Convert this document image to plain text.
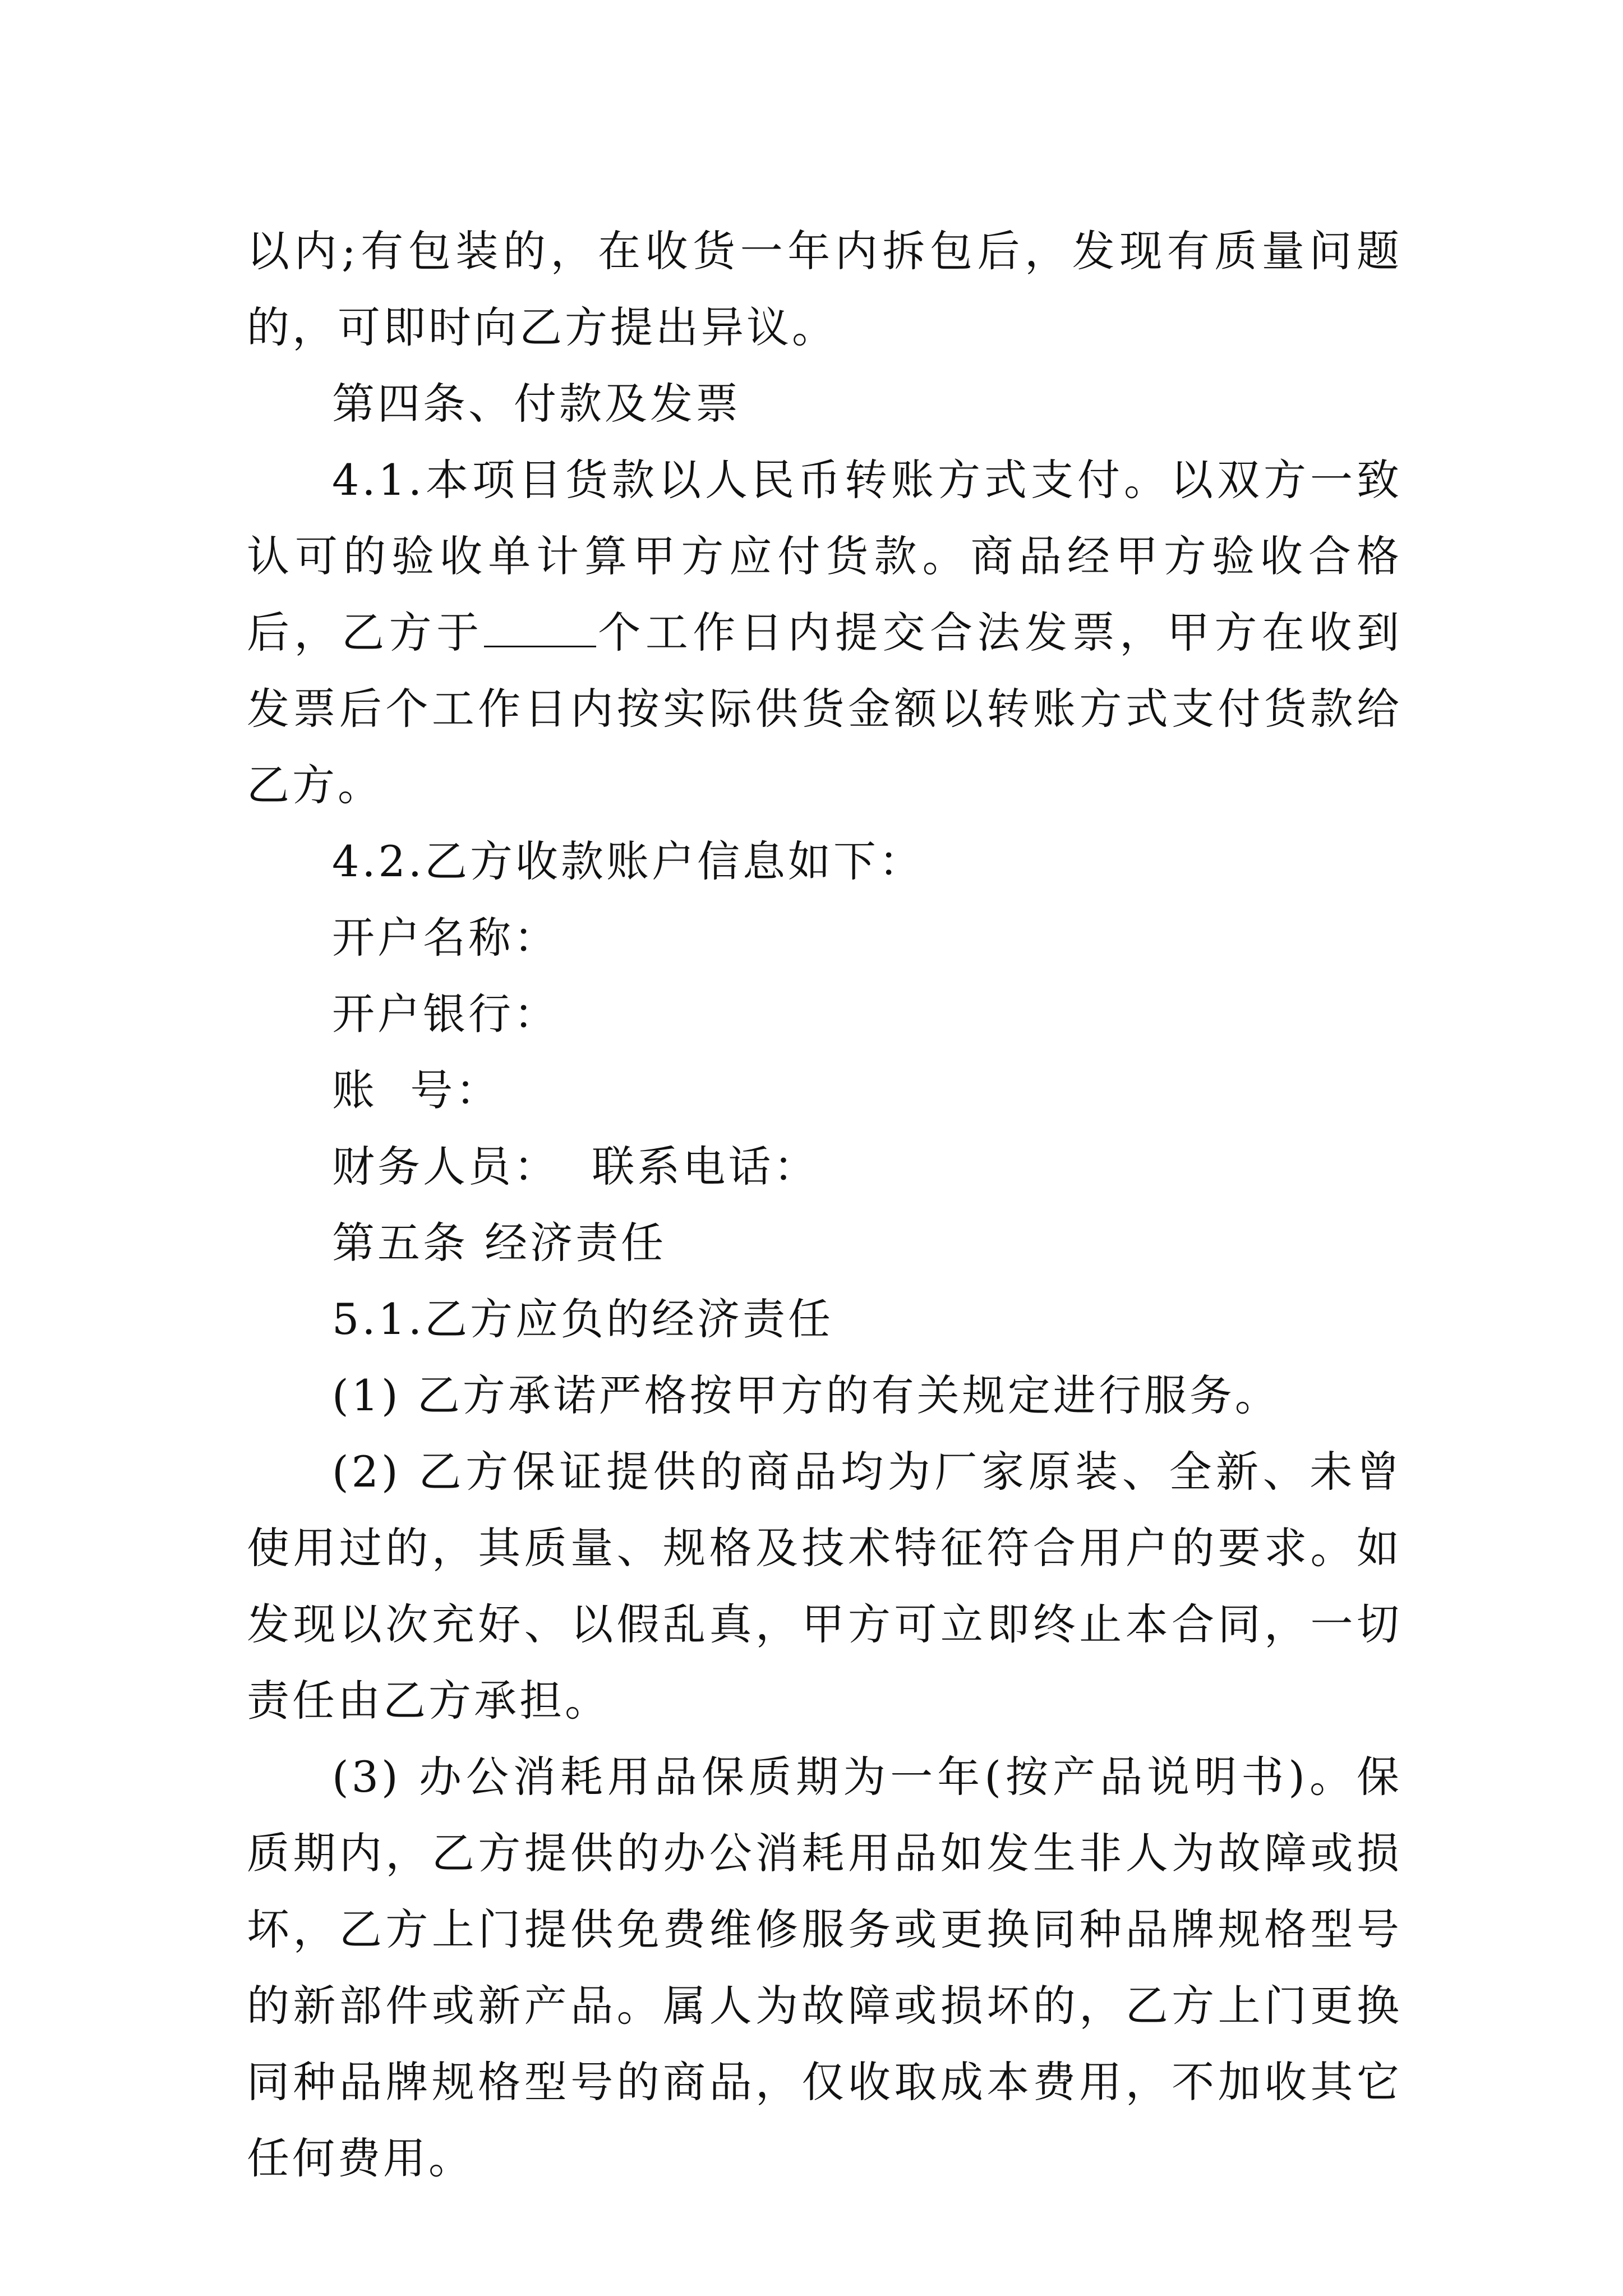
以内;有包装的，在收货一年内拆包后，发现有质量问题的，可即时向乙方提出异议。

第四条、付款及发票

4.1.本项目货款以人民币转账方式支付。以双方一致认可的验收单计算甲方应付货款。商品经甲方验收合格后，乙方于	个工作日内提交合法发票，甲方在收到发票后个工作日内按实际供货金额以转账方式支付货款给乙方。

4.2.乙方收款账户信息如下：

开户名称：

开户银行：

账  号：

财务人员：  联系电话：

第五条 经济责任

5.1.乙方应负的经济责任

(1) 乙方承诺严格按甲方的有关规定进行服务。

(2) 乙方保证提供的商品均为厂家原装、全新、未曾使用过的，其质量、规格及技术特征符合用户的要求。如发现以次充好、以假乱真，甲方可立即终止本合同，一切责任由乙方承担。

(3) 办公消耗用品保质期为一年(按产品说明书)。保质期内，乙方提供的办公消耗用品如发生非人为故障或损坏，乙方上门提供免费维修服务或更换同种品牌规格型号的新部件或新产品。属人为故障或损坏的，乙方上门更换同种品牌规格型号的商品，仅收取成本费用，不加收其它任何费用。
